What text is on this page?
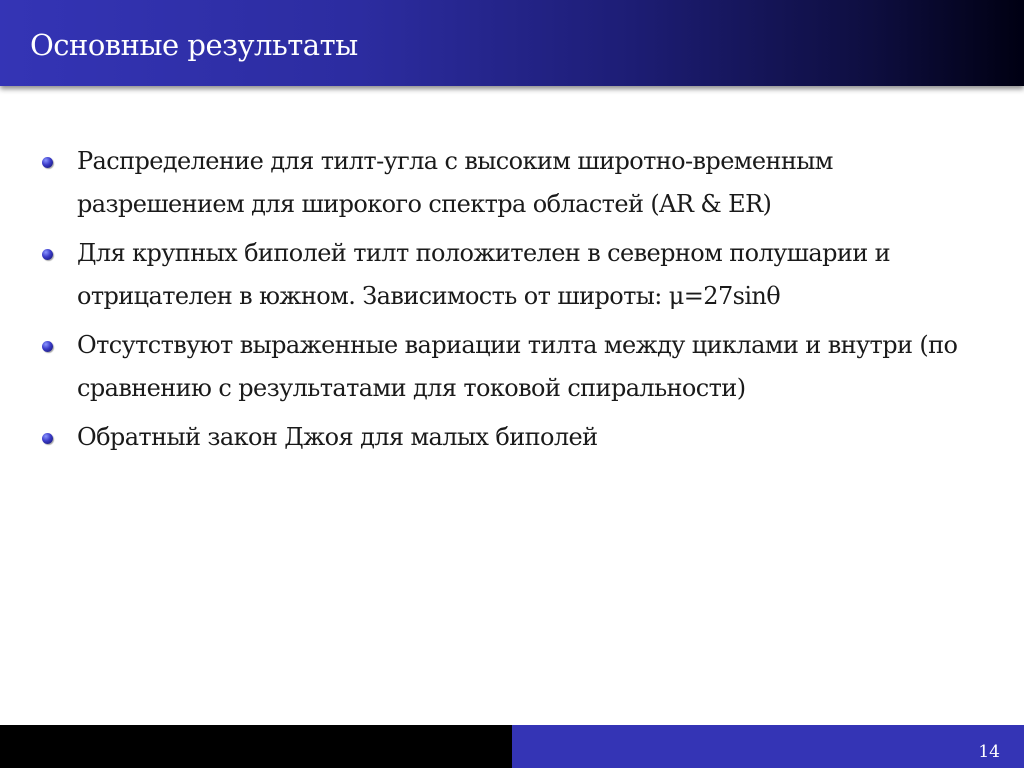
Основные результаты
Распределение для тилт-угла с высоким широтно-временным разрешением для широкого спектра областей (AR & ER)
Для крупных биполей тилт положителен в северном полушарии и отрицателен в южном. Зависимость от широты: μ=27sinθ
Отсутствуют выраженные вариации тилта между циклами и внутри (по сравнению с результатами для токовой спиральности)
Обратный закон Джоя для малых биполей
14
